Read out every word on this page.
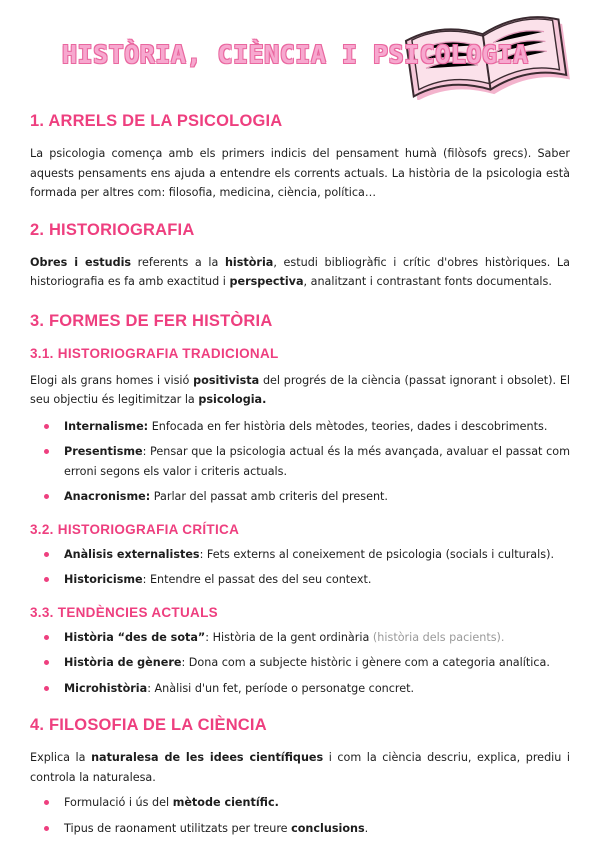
HISTÒRIA, CIÈNCIA I PSICOLOGIA
1. ARRELS DE LA PSICOLOGIA

La psicologia comença amb els primers indicis del pensament humà (filòsofs grecs). Saber aquests pensaments ens ajuda a entendre els corrents actuals. La història de la psicologia està formada per altres com: filosofia, medicina, ciència, política…

2. HISTORIOGRAFIA

Obres i estudis referents a la història, estudi bibliogràfic i crític d'obres històriques. La historiografia es fa amb exactitud i perspectiva, analitzant i contrastant fonts documentals.

3. FORMES DE FER HISTÒRIA
3.1. HISTORIOGRAFIA TRADICIONAL

Elogi als grans homes i visió positivista del progrés de la ciència (passat ignorant i obsolet). El seu objectiu és legitimitzar la psicologia.

Internalisme: Enfocada en fer història dels mètodes, teories, dades i descobriments.
Presentisme: Pensar que la psicologia actual és la més avançada, avaluar el passat com erroni segons els valor i criteris actuals.
Anacronisme: Parlar del passat amb criteris del present.
3.2. HISTORIOGRAFIA CRÍTICA
Anàlisis externalistes: Fets externs al coneixement de psicologia (socials i culturals).
Historicisme: Entendre el passat des del seu context.
3.3. TENDÈNCIES ACTUALS
Història “des de sota”: Història de la gent ordinària (història dels pacients).
Història de gènere: Dona com a subjecte històric i gènere com a categoria analítica.
Microhistòria: Anàlisi d'un fet, període o personatge concret.
4. FILOSOFIA DE LA CIÈNCIA

Explica la naturalesa de les idees científiques i com la ciència descriu, explica, prediu i controla la naturalesa.

Formulació i ús del mètode científic.
Tipus de raonament utilitzats per treure conclusions.
